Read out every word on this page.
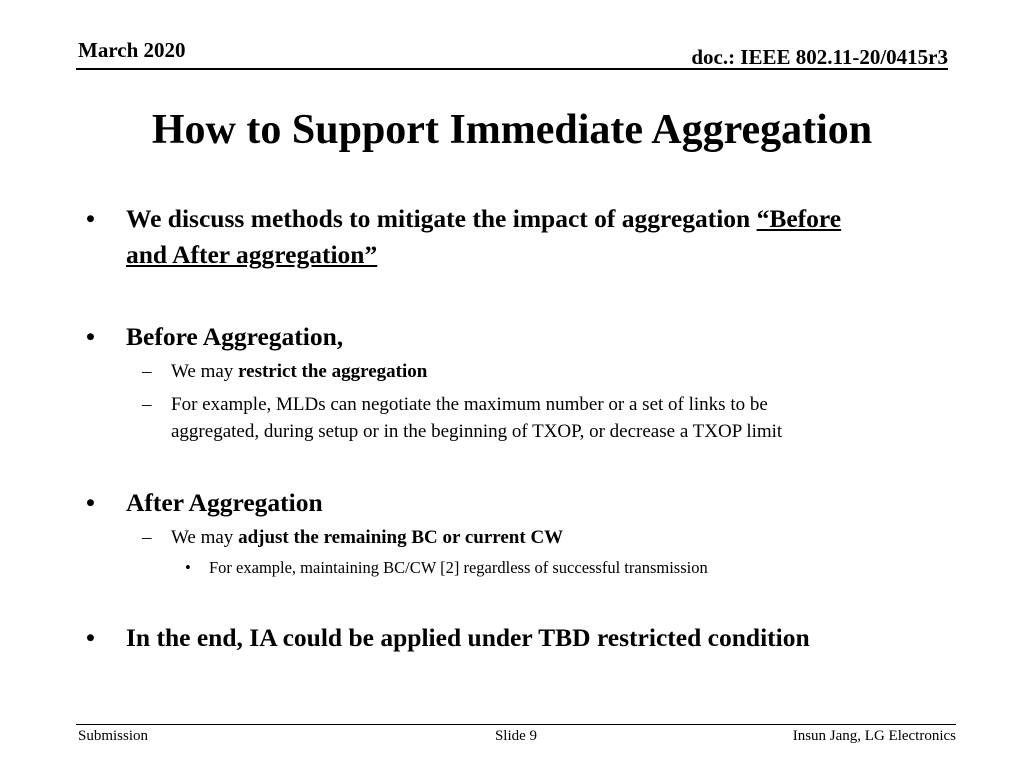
March 2020	doc.: IEEE 802.11-20/0415r3
How to Support Immediate Aggregation
• We discuss methods to mitigate the impact of aggregation “Before
and After aggregation”
• Before Aggregation,
– We may restrict the aggregation
– For example, MLDs can negotiate the maximum number or a set of links to be
aggregated, during setup or in the beginning of TXOP, or decrease a TXOP limit
• After Aggregation
– We may adjust the remaining BC or current CW
• For example, maintaining BC/CW [2] regardless of successful transmission
• In the end, IA could be applied under TBD restricted condition
Submission	Slide 9	Insun Jang, LG Electronics
